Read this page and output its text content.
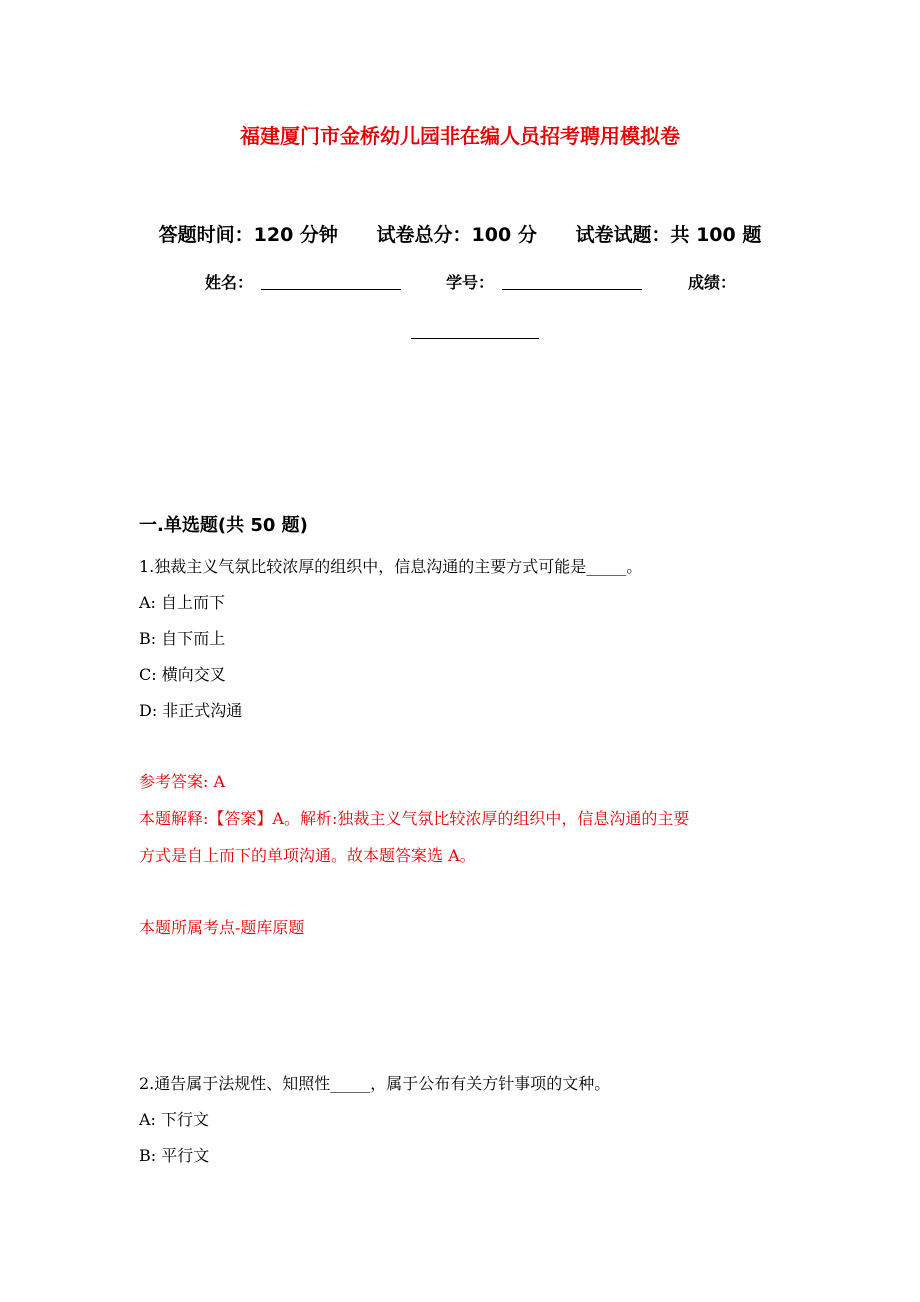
福建厦门市金桥幼儿园非在编人员招考聘用模拟卷
答题时间：120 分钟 试卷总分：100 分 试卷试题：共 100 题
姓名：	学号：	成绩：
一.单选题(共 50 题)
1.独裁主义气氛比较浓厚的组织中，信息沟通的主要方式可能是_____。
A: 自上而下
B: 自下而上
C: 横向交叉
D: 非正式沟通
参考答案: A
本题解释:【答案】A。解析:独裁主义气氛比较浓厚的组织中，信息沟通的主要
方式是自上而下的单项沟通。故本题答案选 A。
本题所属考点-题库原题
2.通告属于法规性、知照性_____，属于公布有关方针事项的文种。
A: 下行文
B: 平行文
